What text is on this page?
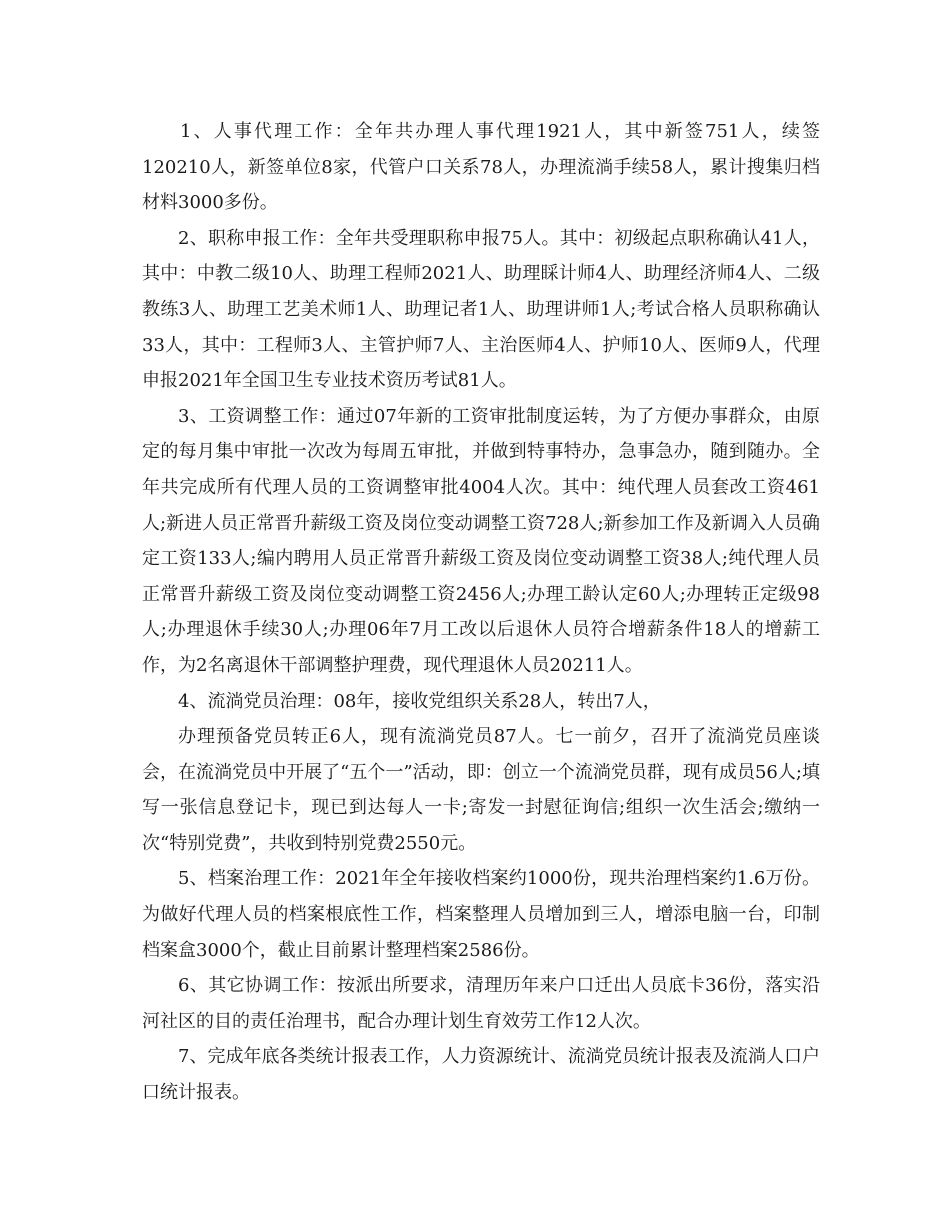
1、人事代理工作：全年共办理人事代理1921人，其中新签751人，续签120210人，新签单位8家，代管户口关系78人，办理流淌手续58人，累计搜集归档材料3000多份。

2、职称申报工作：全年共受理职称申报75人。其中：初级起点职称确认41人，其中：中教二级10人、助理工程师2021人、助理睬计师4人、助理经济师4人、二级教练3人、助理工艺美术师1人、助理记者1人、助理讲师1人;考试合格人员职称确认33人，其中：工程师3人、主管护师7人、主治医师4人、护师10人、医师9人，代理申报2021年全国卫生专业技术资历考试81人。

3、工资调整工作：通过07年新的工资审批制度运转，为了方便办事群众，由原定的每月集中审批一次改为每周五审批，并做到特事特办，急事急办，随到随办。全年共完成所有代理人员的工资调整审批4004人次。其中：纯代理人员套改工资461人;新进人员正常晋升薪级工资及岗位变动调整工资728人;新参加工作及新调入人员确定工资133人;编内聘用人员正常晋升薪级工资及岗位变动调整工资38人;纯代理人员正常晋升薪级工资及岗位变动调整工资2456人;办理工龄认定60人;办理转正定级98人;办理退休手续30人;办理06年7月工改以后退休人员符合增薪条件18人的增薪工作，为2名离退休干部调整护理费，现代理退休人员20211人。

4、流淌党员治理：08年，接收党组织关系28人，转出7人，

办理预备党员转正6人，现有流淌党员87人。七一前夕，召开了流淌党员座谈会，在流淌党员中开展了“五个一”活动，即：创立一个流淌党员群，现有成员56人;填写一张信息登记卡，现已到达每人一卡;寄发一封慰征询信;组织一次生活会;缴纳一次“特别党费”，共收到特别党费2550元。

5、档案治理工作：2021年全年接收档案约1000份，现共治理档案约1.6万份。为做好代理人员的档案根底性工作，档案整理人员增加到三人，增添电脑一台，印制档案盒3000个，截止目前累计整理档案2586份。

6、其它协调工作：按派出所要求，清理历年来户口迁出人员底卡36份，落实沿河社区的目的责任治理书，配合办理计划生育效劳工作12人次。

7、完成年底各类统计报表工作，人力资源统计、流淌党员统计报表及流淌人口户口统计报表。
